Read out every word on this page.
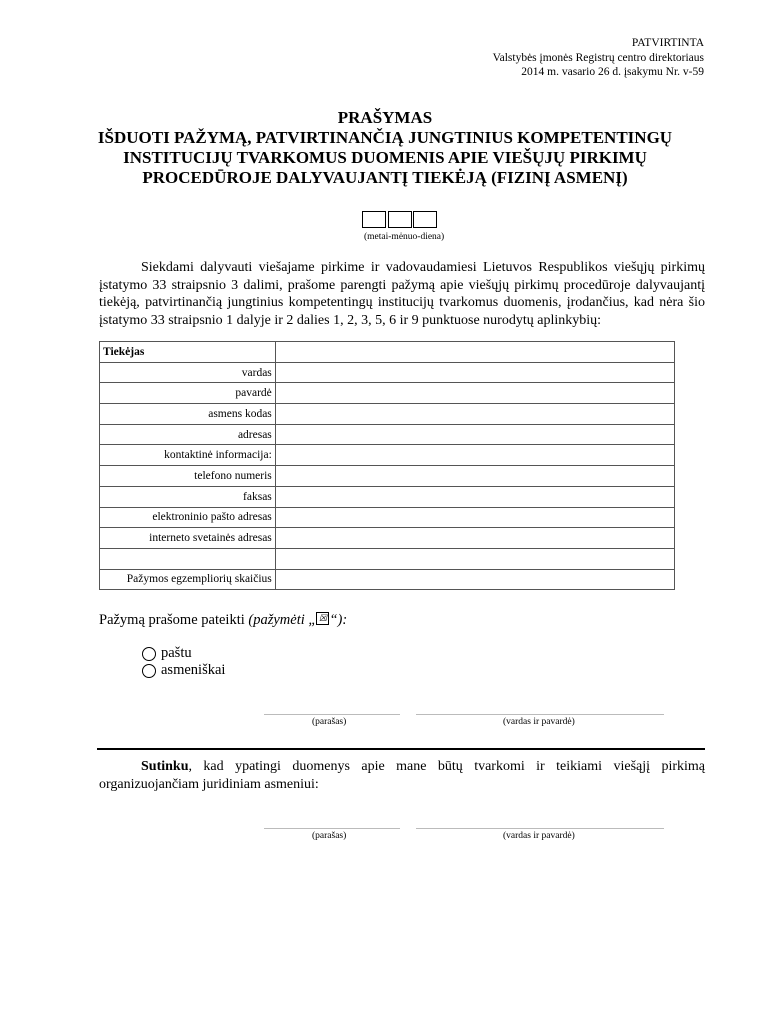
PATVIRTINTA
Valstybės įmonės Registrų centro direktoriaus
2014 m. vasario 26 d. įsakymu Nr. v-59
PRAŠYMAS
IŠDUOTI PAŽYMĄ, PATVIRTINANČIĄ JUNGTINIUS KOMPETENTINGŲ
INSTITUCIJŲ TVARKOMUS DUOMENIS APIE VIEŠŲJŲ PIRKIMŲ
PROCEDŪROJE DALYVAUJANTĮ TIEKĖJĄ (FIZINĮ ASMENĮ)
(metai-mėnuo-diena)
Siekdami dalyvauti viešajame pirkime ir vadovaudamiesi Lietuvos Respublikos viešųjų pirkimų įstatymo 33 straipsnio 3 dalimi, prašome parengti pažymą apie viešųjų pirkimų procedūroje dalyvaujantį tiekėją, patvirtinančią jungtinius kompetentingų institucijų tvarkomus duomenis, įrodančius, kad nėra šio įstatymo 33 straipsnio 1 dalyje ir 2 dalies 1, 2, 3, 5, 6 ir 9 punktuose nurodytų aplinkybių:
Tiekėjas	
vardas	
pavardė	
asmens kodas	
adresas	
kontaktinė informacija:	
telefono numeris	
faksas	
elektroninio pašto adresas	
interneto svetainės adresas	

Pažymos egzempliorių skaičius	
Pažymą prašome pateikti (pažymėti „ ☒ “):
paštu
asmeniškai
(parašas)	(vardas ir pavardė)
Sutinku, kad ypatingi duomenys apie mane būtų tvarkomi ir teikiami viešąjį pirkimą organizuojančiam juridiniam asmeniui:
(parašas)	(vardas ir pavardė)
